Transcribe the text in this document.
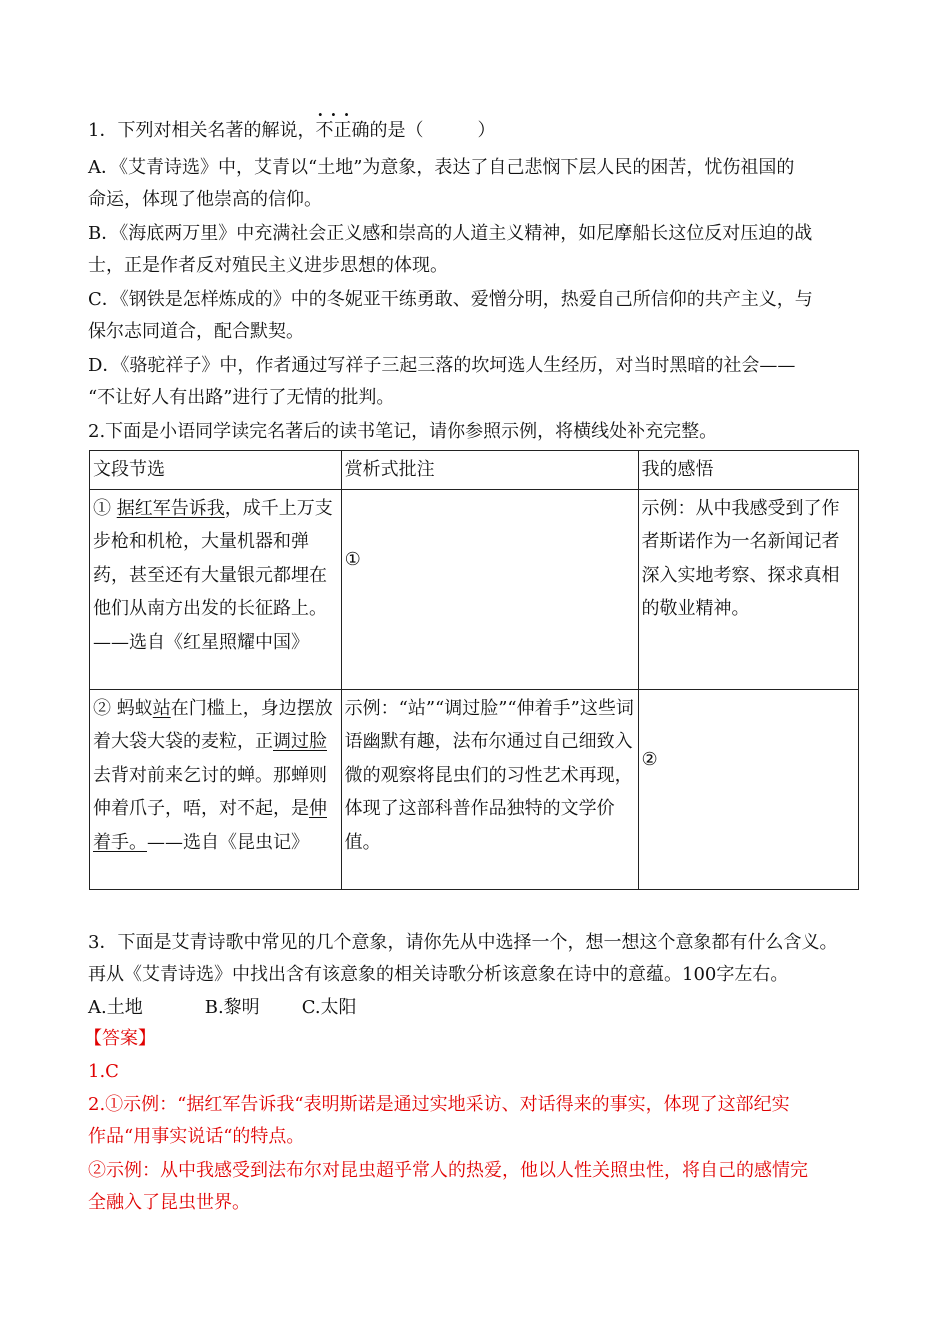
1．下列对相关名著的解说，· · · 不正确的是（　　　）
A．《艾青诗选》中，艾青以“土地”为意象，表达了自己悲悯下层人民的困苦，忧伤祖国的
命运，体现了他崇高的信仰。
B．《海底两万里》中充满社会正义感和崇高的人道主义精神，如尼摩船长这位反对压迫的战
士，正是作者反对殖民主义进步思想的体现。
C．《钢铁是怎样炼成的》中的冬妮亚干练勇敢、爱憎分明，热爱自己所信仰的共产主义，与
保尔志同道合，配合默契。
D．《骆驼祥子》中，作者通过写祥子三起三落的坎坷选人生经历，对当时黑暗的社会——
“不让好人有出路”进行了无情的批判。
2.下面是小语同学读完名著后的读书笔记，请你参照示例，将横线处补充完整。
文段节选	赏析式批注	我的感悟
① 据红军告诉我，成千上万支步枪和机枪，大量机器和弹药，甚至还有大量银元都埋在他们从南方出发的长征路上。——选自《红星照耀中国》	①	示例：从中我感受到了作者斯诺作为一名新闻记者深入实地考察、探求真相的敬业精神。
② 蚂蚁站在门槛上，身边摆放着大袋大袋的麦粒，正调过脸去背对前来乞讨的蝉。那蝉则伸着爪子，唔，对不起，是伸着手。——选自《昆虫记》	示例：“站”“调过脸”“伸着手”这些词语幽默有趣，法布尔通过自己细致入微的观察将昆虫们的习性艺术再现，体现了这部科普作品独特的文学价值。	②
3．下面是艾青诗歌中常见的几个意象，请你先从中选择一个，想一想这个意象都有什么含义。
再从《艾青诗选》中找出含有该意象的相关诗歌分析该意象在诗中的意蕴。100字左右。
A.土地	B.黎明 C.太阳
【答案】
1.C
2.①示例：“据红军告诉我“表明斯诺是通过实地采访、对话得来的事实，体现了这部纪实
作品“用事实说话“的特点。
②示例：从中我感受到法布尔对昆虫超乎常人的热爱，他以人性关照虫性，将自己的感情完
全融入了昆虫世界。
